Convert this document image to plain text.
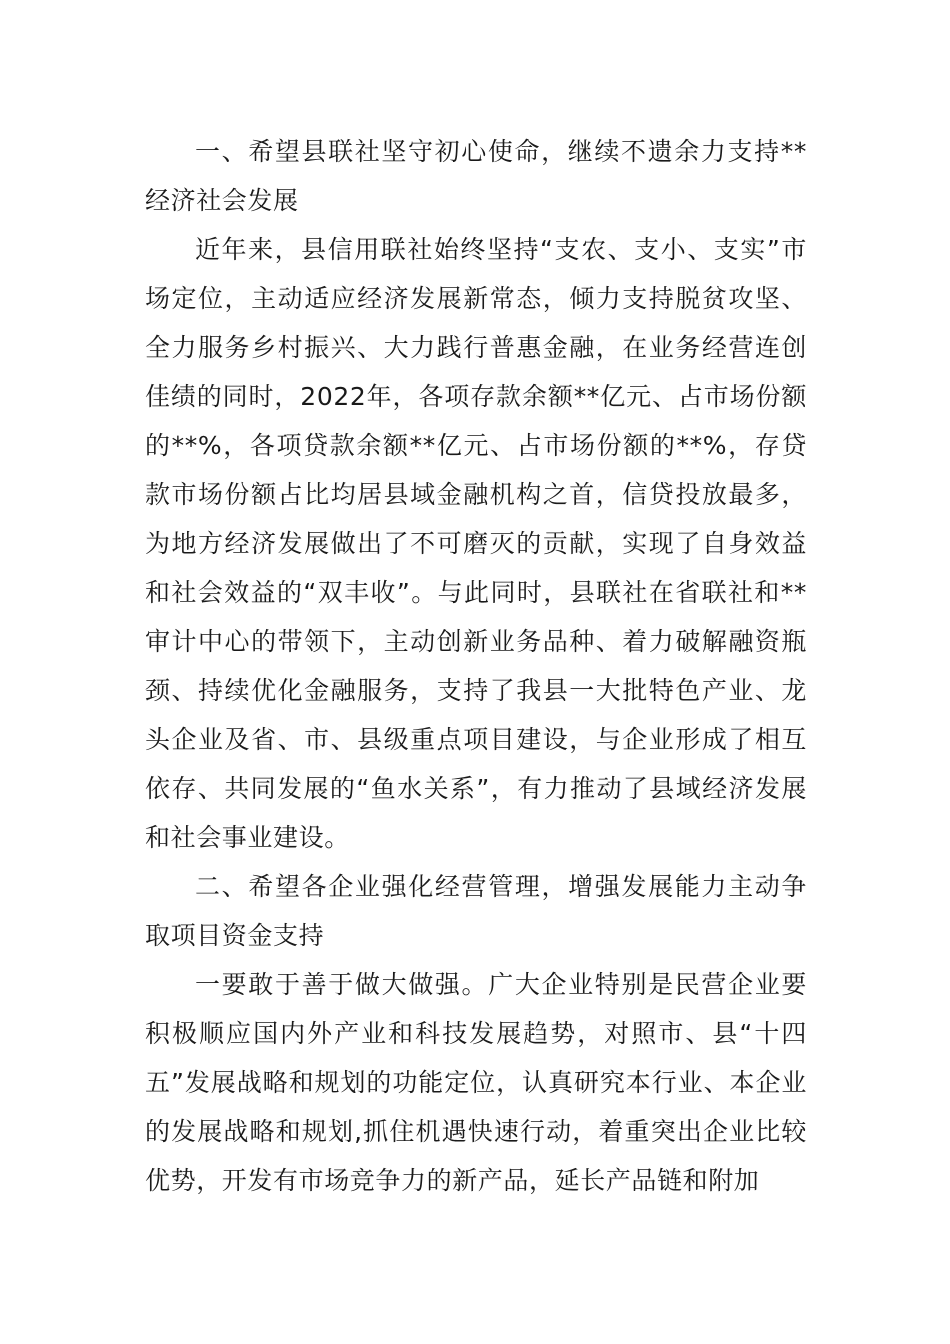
一、希望县联社坚守初心使命，继续不遗余力支持**经济社会发展

近年来，县信用联社始终坚持“支农、支小、支实”市场定位，主动适应经济发展新常态，倾力支持脱贫攻坚、全力服务乡村振兴、大力践行普惠金融，在业务经营连创佳绩的同时，2022年，各项存款余额**亿元、占市场份额的**%，各项贷款余额**亿元、占市场份额的**%，存贷款市场份额占比均居县域金融机构之首，信贷投放最多，为地方经济发展做出了不可磨灭的贡献，实现了自身效益和社会效益的“双丰收”。与此同时，县联社在省联社和**审计中心的带领下，主动创新业务品种、着力破解融资瓶颈、持续优化金融服务，支持了我县一大批特色产业、龙头企业及省、市、县级重点项目建设，与企业形成了相互依存、共同发展的“鱼水关系”，有力推动了县域经济发展和社会事业建设。

二、希望各企业强化经营管理，增强发展能力主动争取项目资金支持

一要敢于善于做大做强。广大企业特别是民营企业要积极顺应国内外产业和科技发展趋势，对照市、县“十四五”发展战略和规划的功能定位，认真研究本行业、本企业的发展战略和规划,抓住机遇快速行动，着重突出企业比较优势，开发有市场竞争力的新产品，延长产品链和附加
